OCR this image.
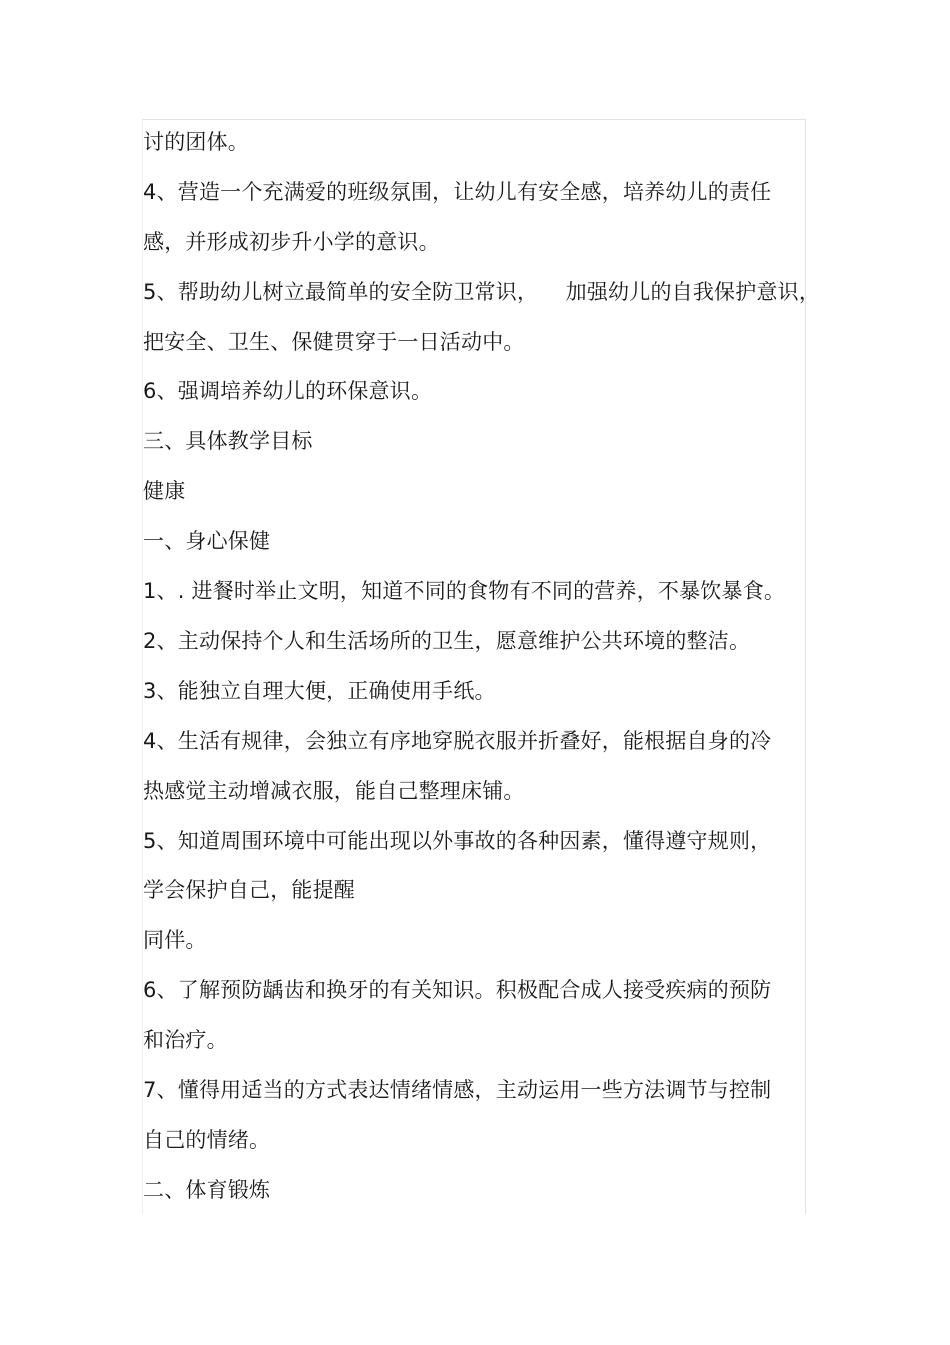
讨的团体。
4、营造一个充满爱的班级氛围，让幼儿有安全感，培养幼儿的责任
感，并形成初步升小学的意识。
5、帮助幼儿树立最简单的安全防卫常识，    加强幼儿的自我保护意识，
把安全、卫生、保健贯穿于一日活动中。
6、强调培养幼儿的环保意识。
三、具体教学目标
健康
一、身心保健
1、. 进餐时举止文明，知道不同的食物有不同的营养，不暴饮暴食。
2、主动保持个人和生活场所的卫生，愿意维护公共环境的整洁。
3、能独立自理大便，正确使用手纸。
4、生活有规律，会独立有序地穿脱衣服并折叠好，能根据自身的冷
热感觉主动增减衣服，能自己整理床铺。
5、知道周围环境中可能出现以外事故的各种因素，懂得遵守规则，
学会保护自己，能提醒
同伴。
6、了解预防龋齿和换牙的有关知识。积极配合成人接受疾病的预防
和治疗。
7、懂得用适当的方式表达情绪情感，主动运用一些方法调节与控制
自己的情绪。
二、体育锻炼
